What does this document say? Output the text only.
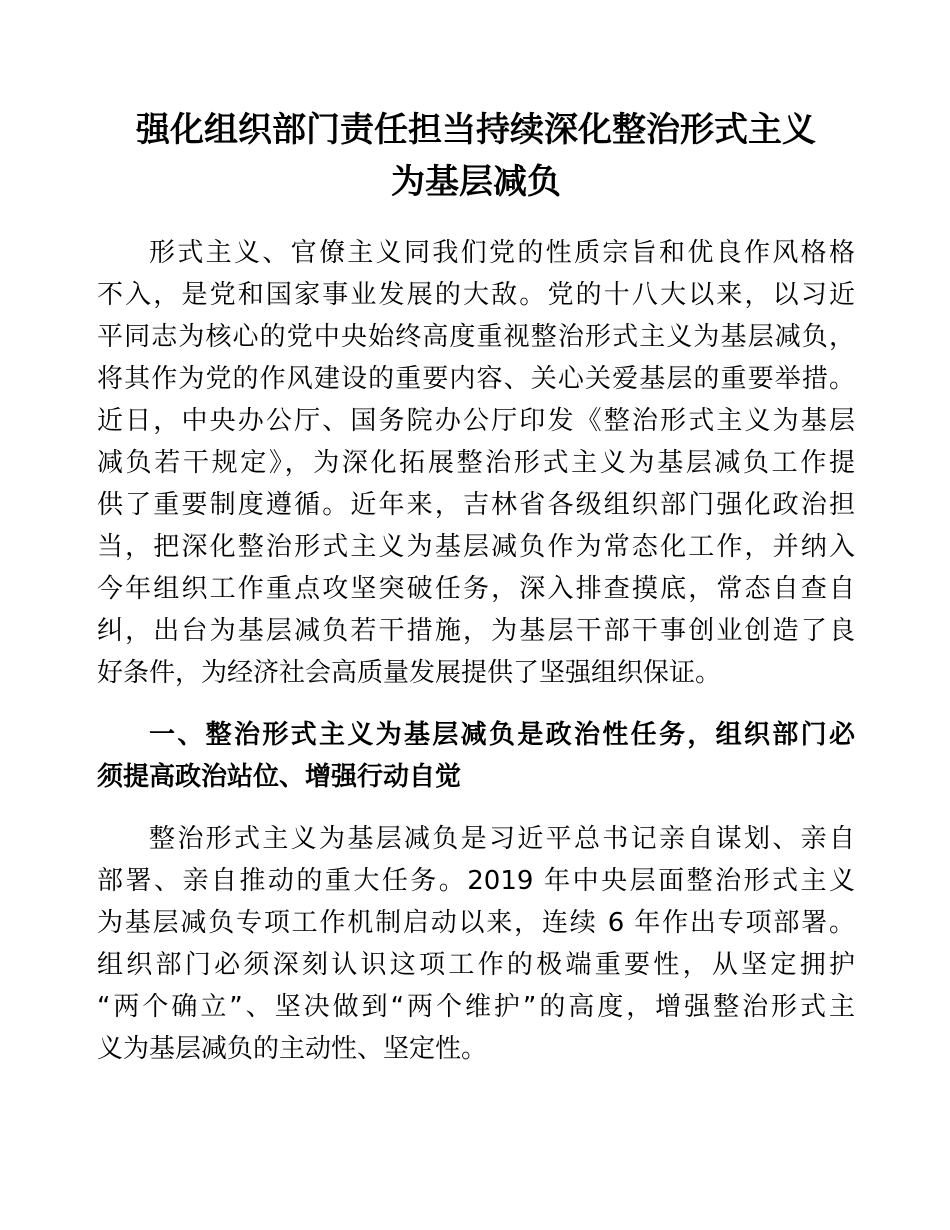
强化组织部门责任担当持续深化整治形式主义
为基层减负

形式主义、官僚主义同我们党的性质宗旨和优良作风格格
不入，是党和国家事业发展的大敌。党的十八大以来，以习近
平同志为核心的党中央始终高度重视整治形式主义为基层减负，
将其作为党的作风建设的重要内容、关心关爱基层的重要举措。
近日，中央办公厅、国务院办公厅印发《整治形式主义为基层
减负若干规定》，为深化拓展整治形式主义为基层减负工作提
供了重要制度遵循。近年来，吉林省各级组织部门强化政治担
当，把深化整治形式主义为基层减负作为常态化工作，并纳入
今年组织工作重点攻坚突破任务，深入排查摸底，常态自查自
纠，出台为基层减负若干措施，为基层干部干事创业创造了良
好条件，为经济社会高质量发展提供了坚强组织保证。

一、整治形式主义为基层减负是政治性任务，组织部门必
须提高政治站位、增强行动自觉

整治形式主义为基层减负是习近平总书记亲自谋划、亲自
部署、亲自推动的重大任务。2019 年中央层面整治形式主义
为基层减负专项工作机制启动以来，连续 6 年作出专项部署。
组织部门必须深刻认识这项工作的极端重要性，从坚定拥护
“两个确立”、坚决做到“两个维护”的高度，增强整治形式主
义为基层减负的主动性、坚定性。
